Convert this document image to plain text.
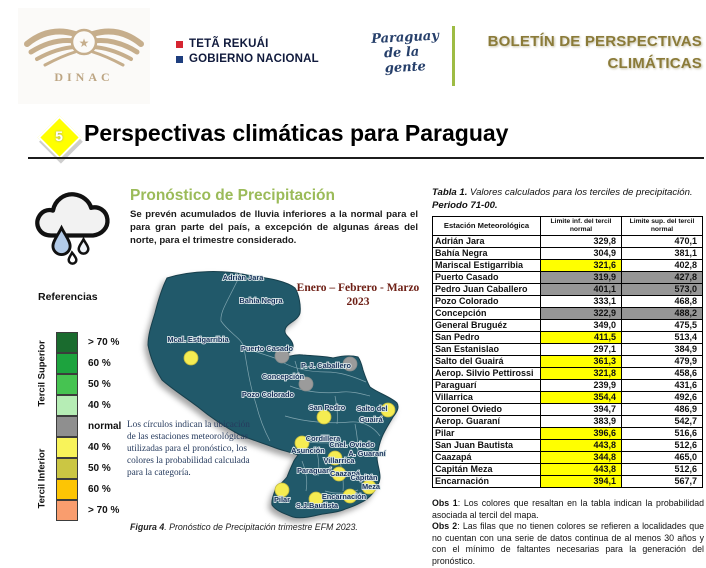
★
DINAC
TETÃ REKUÁI
GOBIERNO NACIONAL
Paraguay
de la gente
BOLETÍN DE PERSPECTIVAS
CLIMÁTICAS
5 Perspectivas climáticas para Paraguay
Pronóstico de Precipitación
Se prevén acumulados de lluvia inferiores a la normal para el para gran parte del país, a excepción de algunas áreas del norte, para el trimestre considerado.
Referencias
Tercil Superior
Tercil Inferior
> 70 %
60 %
50 %
40 %
normal
40 %
50 %
60 %
> 70 %
Adrián Jara
Bahía Negra
Mcal. Estigarribia
Puerto Casado
P. J. Caballero
Concepción
Pozo Colorado
San Pedro Salto del
Guairá
Cordillera
Asunción
Cnel. Oviedo
A. Guaraní
Villarrica
Paraguarí
Caazapá
Capitán
Meza
Pilar	Encarnación
S.J.Bautista
Enero – Febrero - Marzo
2023
Los círculos indican la ubicación de las estaciones meteorológicas utilizadas para el pronóstico, los colores la probabilidad calculada para la categoría.
Figura 4. Pronóstico de Precipitación trimestre EFM 2023.
Tabla 1. Valores calculados para los terciles de precipitación.
Periodo 71-00.
Estación Meteorológica	Limite inf. del tercil normal	Limite sup. del tercil normal
Adrián Jara	329,8	470,1
Bahía Negra	304,9	381,1
Mariscal Estigarribia	321,6	402,8
Puerto Casado	319,9	427,8
Pedro Juan Caballero	401,1	573,0
Pozo Colorado	333,1	468,8
Concepción	322,9	488,2
General Bruguéz	349,0	475,5
San Pedro	411,5	513,4
San Estanislao	297,1	384,9
Salto del Guairá	361,3	479,9
Aerop. Silvio Pettirossi	321,8	458,6
Paraguarí	239,9	431,6
Villarrica	354,4	492,6
Coronel Oviedo	394,7	486,9
Aerop. Guaraní	383,9	542,7
Pilar	396,6	516,6
San Juan Bautista	443,8	512,6
Caazapá	344,8	465,0
Capitán Meza	443,8	512,6
Encarnación	394,1	567,7
Obs 1: Los colores que resaltan en la tabla indican la probabilidad asociada al tercil del mapa.
Obs 2: Las filas que no tienen colores se refieren a localidades que no cuentan con una serie de datos continua de al menos 30 años y con el mínimo de faltantes necesarias para la generación del pronóstico.
